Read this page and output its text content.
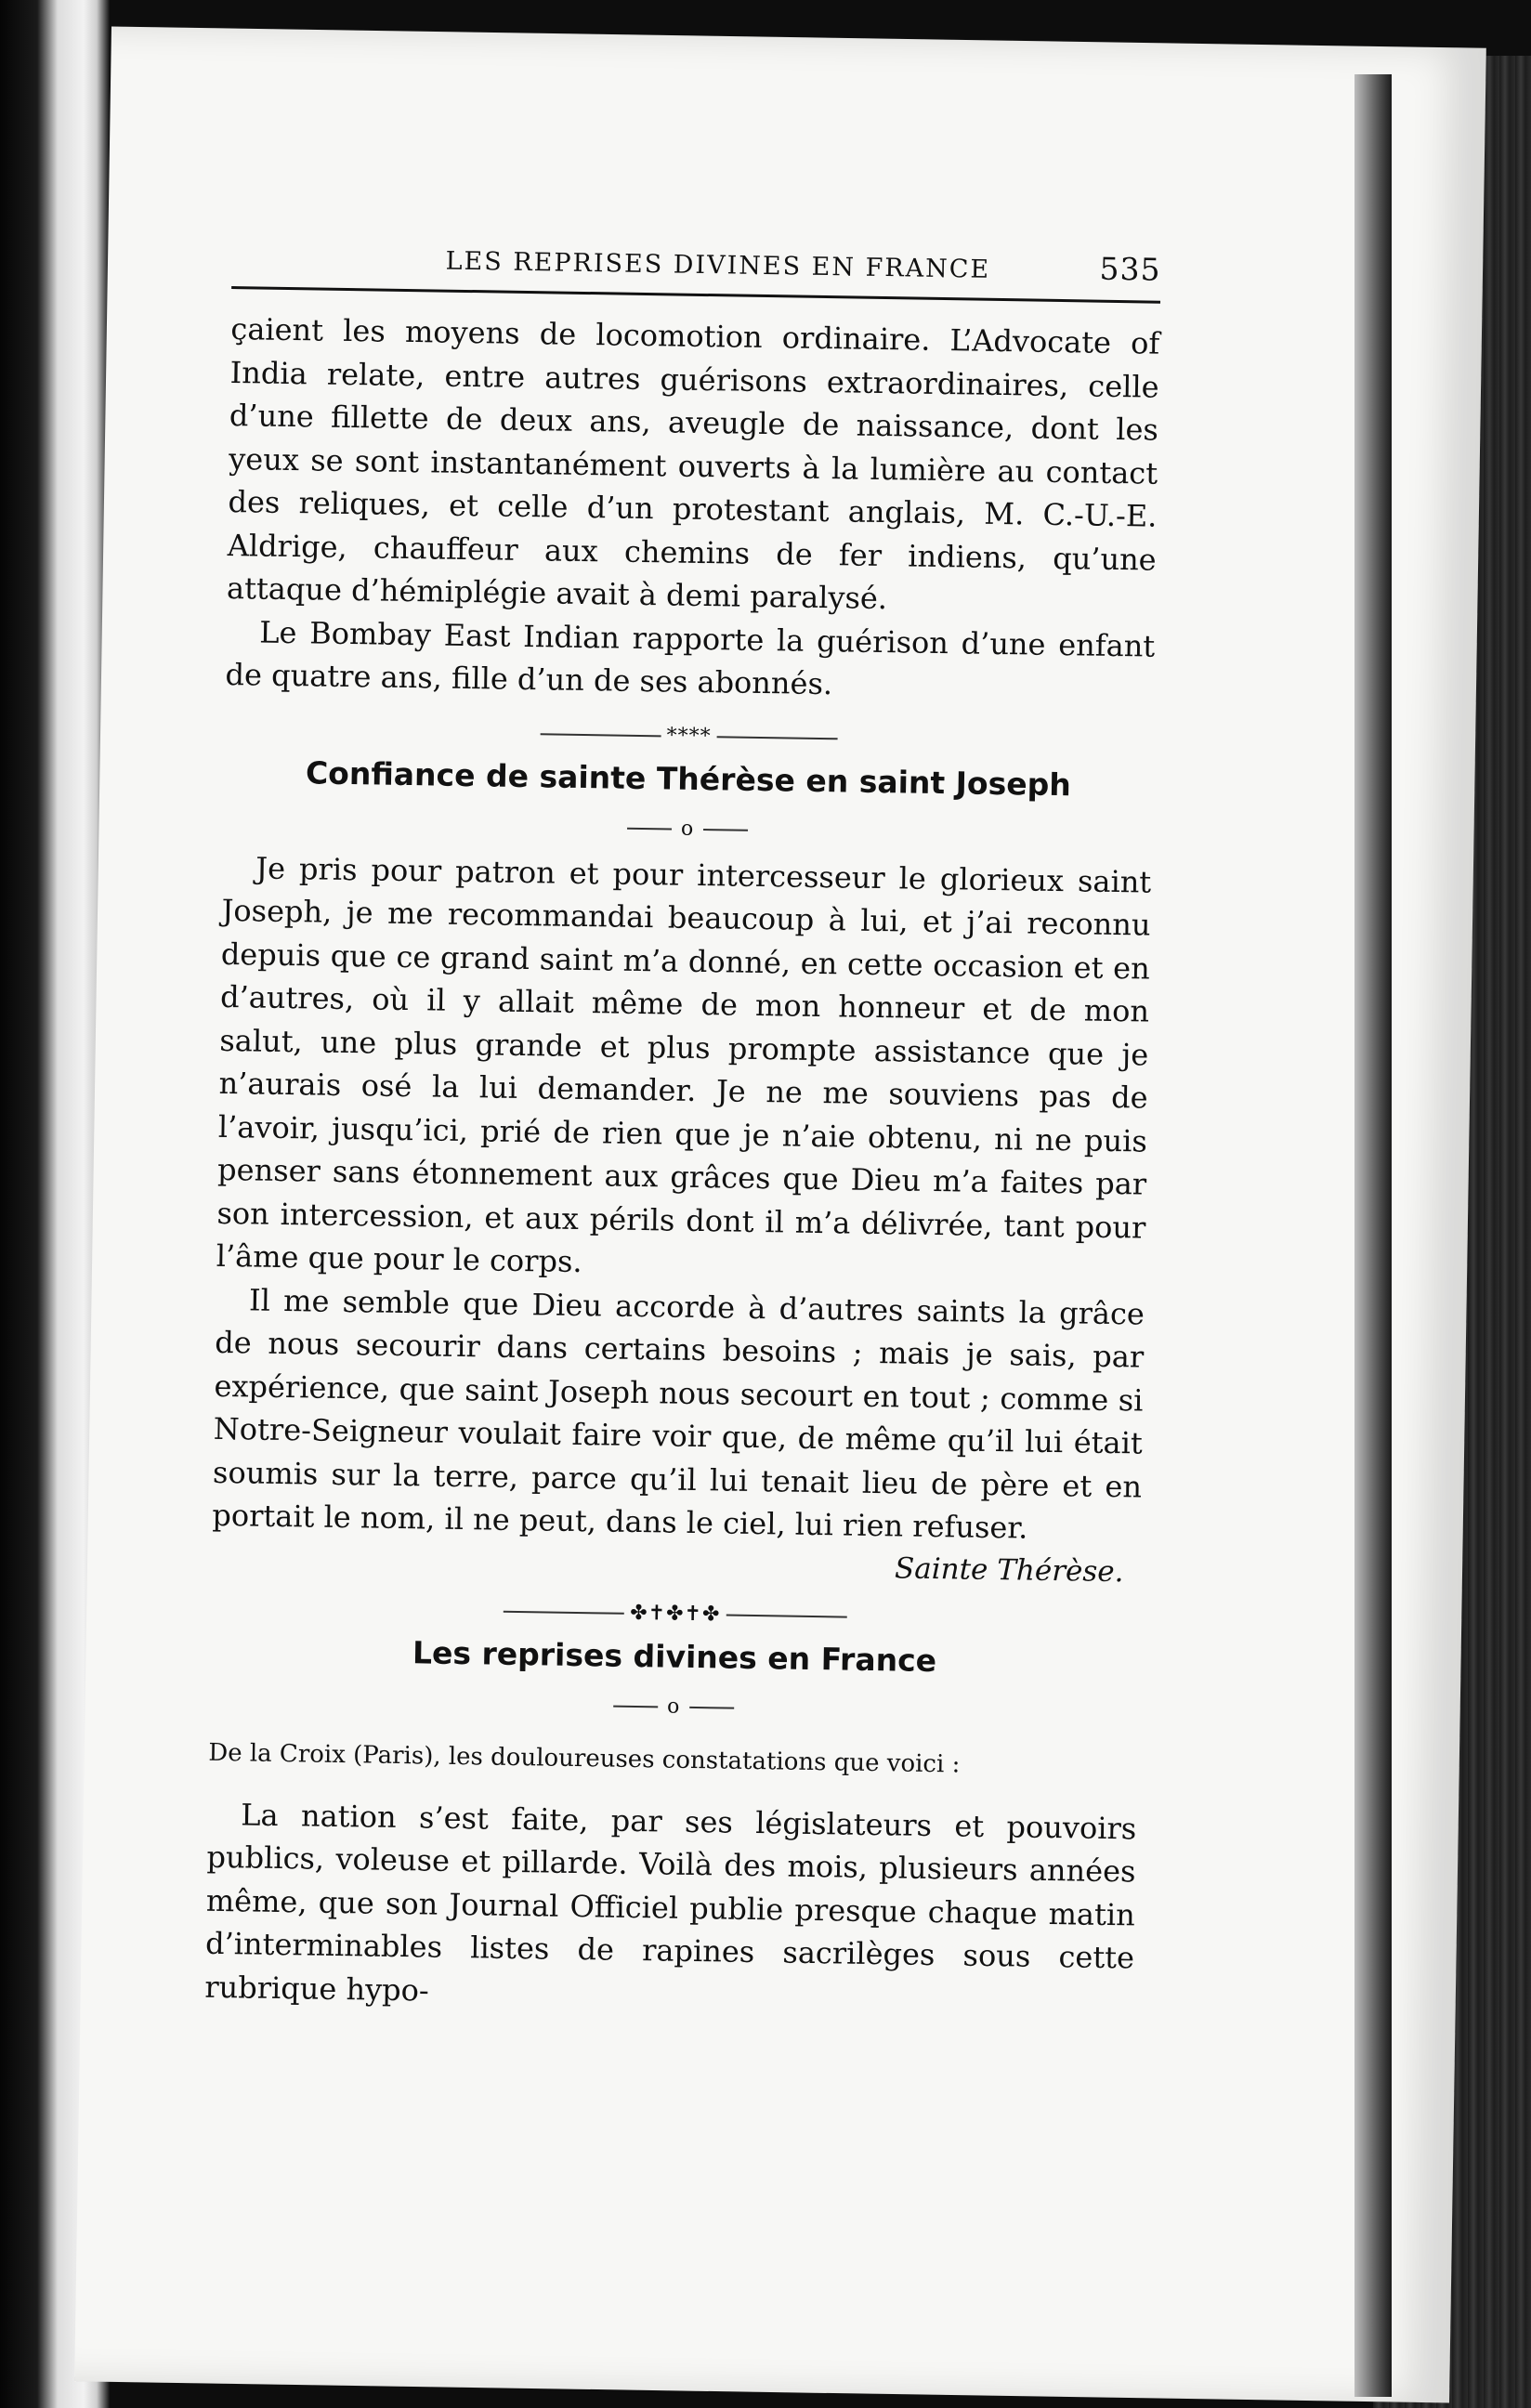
LES REPRISES DIVINES EN FRANCE	535

çaient les moyens de locomotion ordinaire. L’Advocate of India relate, entre autres guérisons extraordinaires, celle d’une fillette de deux ans, aveugle de naissance, dont les yeux se sont instantanément ouverts à la lumière au contact des reliques, et celle d’un protestant anglais, M. C.-U.-E. Aldrige, chauffeur aux chemins de fer indiens, qu’une attaque d’hémiplégie avait à demi paralysé.

Le Bombay East Indian rapporte la guérison d’une enfant de quatre ans, fille d’un de ses abonnés.

****
Confiance de sainte Thérèse en saint Joseph
o

Je pris pour patron et pour intercesseur le glorieux saint Joseph, je me recommandai beaucoup à lui, et j’ai reconnu depuis que ce grand saint m’a donné, en cette occasion et en d’autres, où il y allait même de mon honneur et de mon salut, une plus grande et plus prompte assistance que je n’aurais osé la lui demander. Je ne me souviens pas de l’avoir, jusqu’ici, prié de rien que je n’aie obtenu, ni ne puis penser sans étonnement aux grâces que Dieu m’a faites par son intercession, et aux périls dont il m’a délivrée, tant pour l’âme que pour le corps.

Il me semble que Dieu accorde à d’autres saints la grâce de nous secourir dans certains besoins ; mais je sais, par expérience, que saint Joseph nous secourt en tout ; comme si Notre-Seigneur voulait faire voir que, de même qu’il lui était soumis sur la terre, parce qu’il lui tenait lieu de père et en portait le nom, il ne peut, dans le ciel, lui rien refuser.

Sainte Thérèse.
✤✝✤✝✤
Les reprises divines en France
o

De la Croix (Paris), les douloureuses constatations que voici :

La nation s’est faite, par ses législateurs et pouvoirs publics, voleuse et pillarde. Voilà des mois, plusieurs années même, que son Journal Officiel publie presque chaque matin d’interminables listes de rapines sacrilèges sous cette rubrique hypo-
